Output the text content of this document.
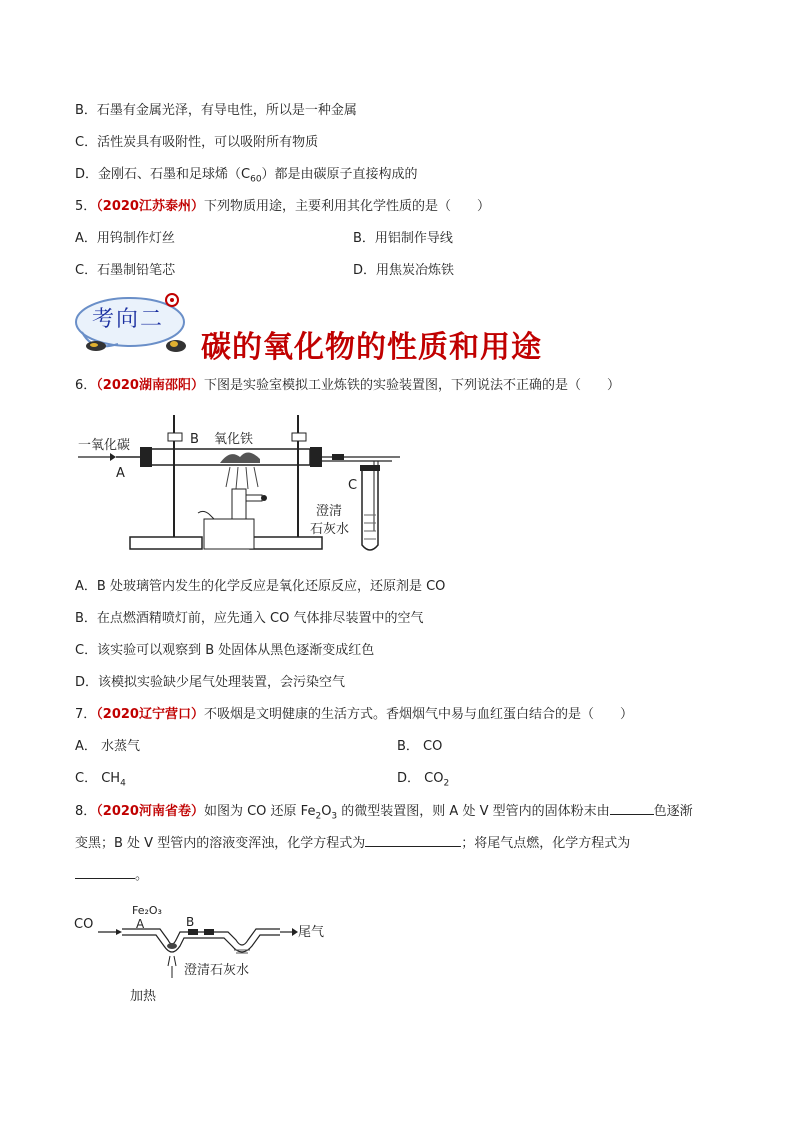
B．石墨有金属光泽，有导电性，所以是一种金属
C．活性炭具有吸附性，可以吸附所有物质
D．金刚石、石墨和足球烯$(C_{60})$都是由碳原子直接构成的
5．（2020江苏泰州）下列物质用途，主要利用其化学性质的是（　　）
A．用钨制作灯丝	B．用铝制作导线
C．石墨制铅笔芯	D．用焦炭冶炼铁
考向二
碳的氧化物的性质和用途
6．（2020湖南邵阳）下图是实验室模拟工业炼铁的实验装置图，下列说法不正确的是（　　）
一氧化碳
A
B 氧化铁
C
澄清
石灰水
A．B 处玻璃管内发生的化学反应是氧化还原反应，还原剂是 CO
B．在点燃酒精喷灯前，应先通入 CO 气体排尽装置中的空气
C．该实验可以观察到 B 处固体从黑色逐渐变成红色
D．该模拟实验缺少尾气处理装置，会污染空气
7．（2020辽宁营口）不吸烟是文明健康的生活方式。香烟烟气中易与血红蛋白结合的是（　　）
A． 水蒸气	B． CO
C． $CH_4$	D． $CO_2$
8．（2020河南省卷）如图为 CO 还原 $Fe_2O_3$ 的微型装置图，则 A 处 V 型管内的固体粉末由	色逐渐
变黑；B 处 V 型管内的溶液变浑浊，化学方程式为	；将尾气点燃，化学方程式为
。
CO
Fe₂O₃
A	B
尾气
澄清石灰水
加热
